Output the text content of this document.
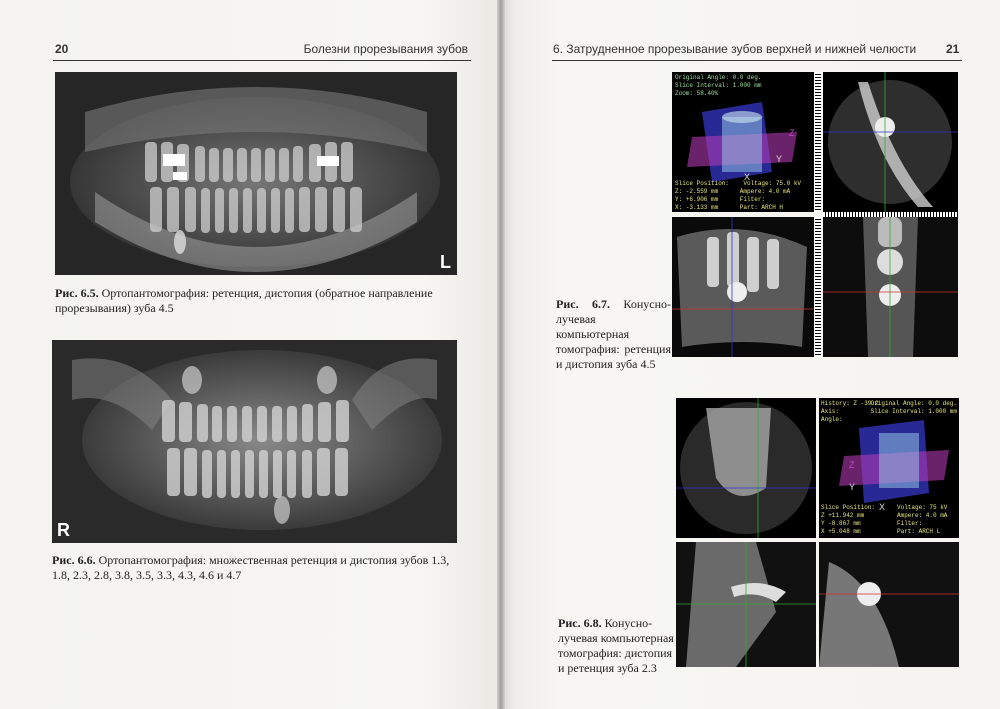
20	Болезни прорезывания зубов
L
Рис. 6.5. Ортопантомография: ретенция, дистопия (обратное направление прорезывания) зуба 4.5
R
Рис. 6.6. Ортопантомография: множественная ретенция и дистопия зубов 1.3, 1.8, 2.3, 2.8, 3.8, 3.5, 3.3, 4.3, 4.6 и 4.7
6. Затрудненное прорезывание зубов верхней и нижней челюсти 21
Z
Y
X
Original Angle: 0.0 deg.
Slice Interval: 1.000 mm
Zoom: 58.40%
Slice Position:    Voltage: 75.0 kV
Z: -2.559 mm      Ampere: 4.0 mA
Y: +6.906 mm      Filter:
X: -3.133 mm      Part: ARCH H
Рис. 6.7. Конусно-лучевая компьютерная томография: ретенция и дистопия зуба 4.5
Z
Y
X
History: Z -39.2
Axis:
Angle:
Original Angle: 0.0 deg.
Slice Interval: 1.000 mm
Slice Position:
Z +11.942 mm
Y -8.867 mm
X +5.048 mm
Voltage: 75 kV
Ampere: 4.0 mA
Filter:
Part: ARCH L
Рис. 6.8. Конусно-лучевая компьютерная томография: дистопия и ретенция зуба 2.3
